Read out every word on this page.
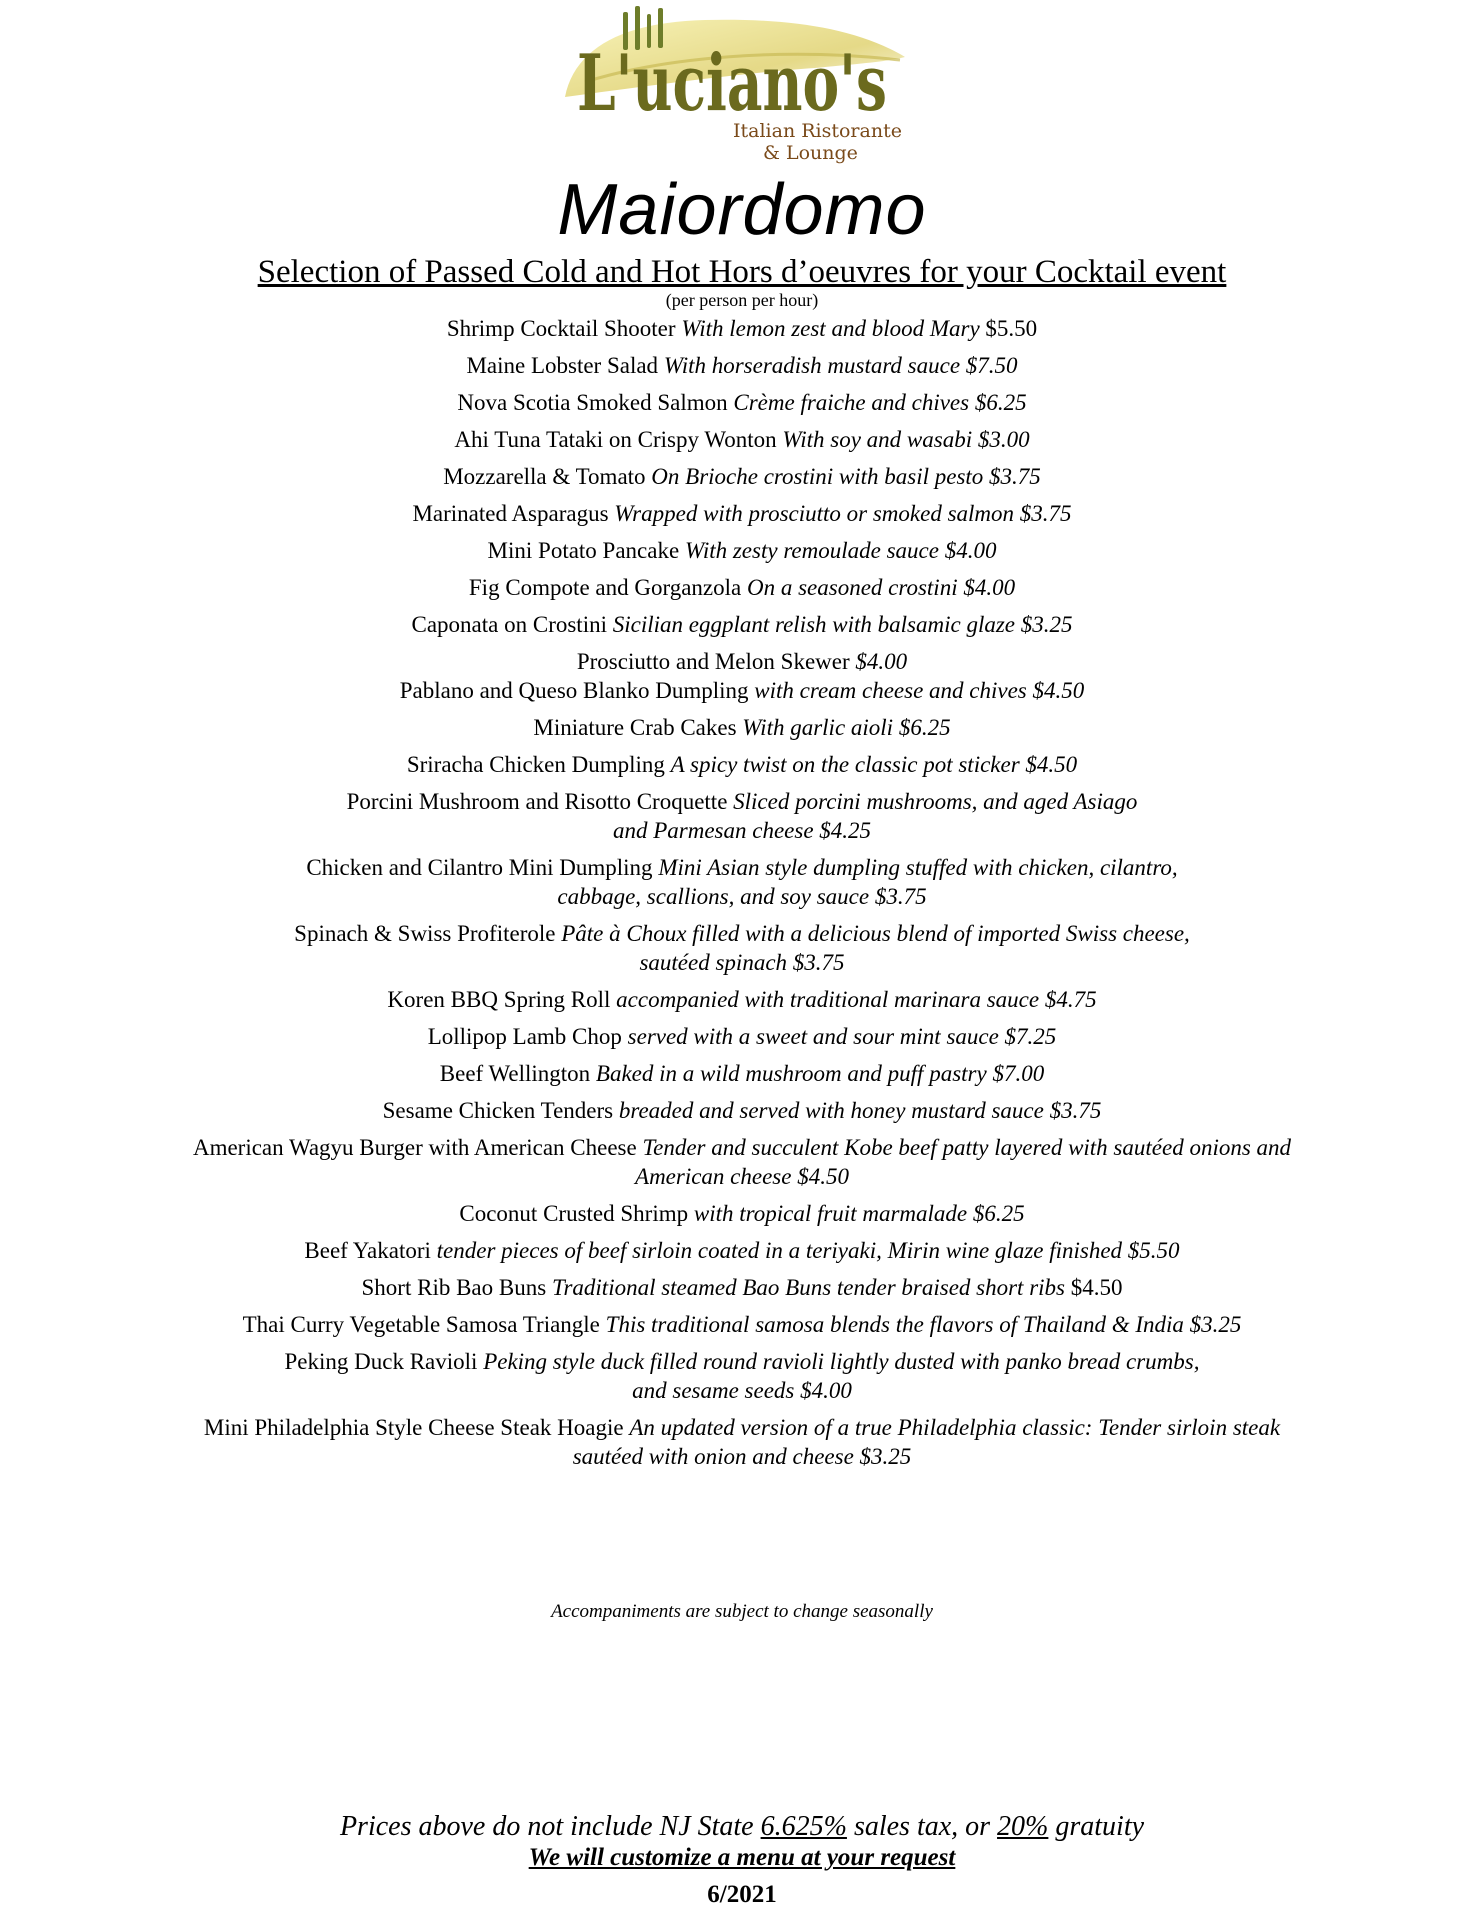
L'uciano's
Italian Ristorante
& Lounge
Maiordomo
Selection of Passed Cold and Hot Hors d’oeuvres for your Cocktail event
(per person per hour)
Shrimp Cocktail Shooter With lemon zest and blood Mary $5.50
Maine Lobster Salad With horseradish mustard sauce $7.50
Nova Scotia Smoked Salmon Crème fraiche and chives $6.25
Ahi Tuna Tataki on Crispy Wonton With soy and wasabi $3.00
Mozzarella & Tomato On Brioche crostini with basil pesto $3.75
Marinated Asparagus Wrapped with prosciutto or smoked salmon $3.75
Mini Potato Pancake With zesty remoulade sauce $4.00
Fig Compote and Gorganzola On a seasoned crostini $4.00
Caponata on Crostini Sicilian eggplant relish with balsamic glaze $3.25
Prosciutto and Melon Skewer $4.00
Pablano and Queso Blanko Dumpling with cream cheese and chives $4.50
Miniature Crab Cakes With garlic aioli $6.25
Sriracha Chicken Dumpling A spicy twist on the classic pot sticker $4.50
Porcini Mushroom and Risotto Croquette Sliced porcini mushrooms, and aged Asiago
and Parmesan cheese $4.25
Chicken and Cilantro Mini Dumpling Mini Asian style dumpling stuffed with chicken, cilantro,
cabbage, scallions, and soy sauce $3.75
Spinach & Swiss Profiterole Pâte à Choux filled with a delicious blend of imported Swiss cheese,
sautéed spinach $3.75
Koren BBQ Spring Roll accompanied with traditional marinara sauce $4.75
Lollipop Lamb Chop served with a sweet and sour mint sauce $7.25
Beef Wellington Baked in a wild mushroom and puff pastry $7.00
Sesame Chicken Tenders breaded and served with honey mustard sauce $3.75
American Wagyu Burger with American Cheese Tender and succulent Kobe beef patty layered with sautéed onions and
American cheese $4.50
Coconut Crusted Shrimp with tropical fruit marmalade $6.25
Beef Yakatori tender pieces of beef sirloin coated in a teriyaki, Mirin wine glaze finished $5.50
Short Rib Bao Buns Traditional steamed Bao Buns tender braised short ribs $4.50
Thai Curry Vegetable Samosa Triangle This traditional samosa blends the flavors of Thailand & India $3.25
Peking Duck Ravioli Peking style duck filled round ravioli lightly dusted with panko bread crumbs,
and sesame seeds $4.00
Mini Philadelphia Style Cheese Steak Hoagie An updated version of a true Philadelphia classic: Tender sirloin steak
sautéed with onion and cheese $3.25
Accompaniments are subject to change seasonally
Prices above do not include NJ State 6.625% sales tax, or 20% gratuity
We will customize a menu at your request
6/2021
